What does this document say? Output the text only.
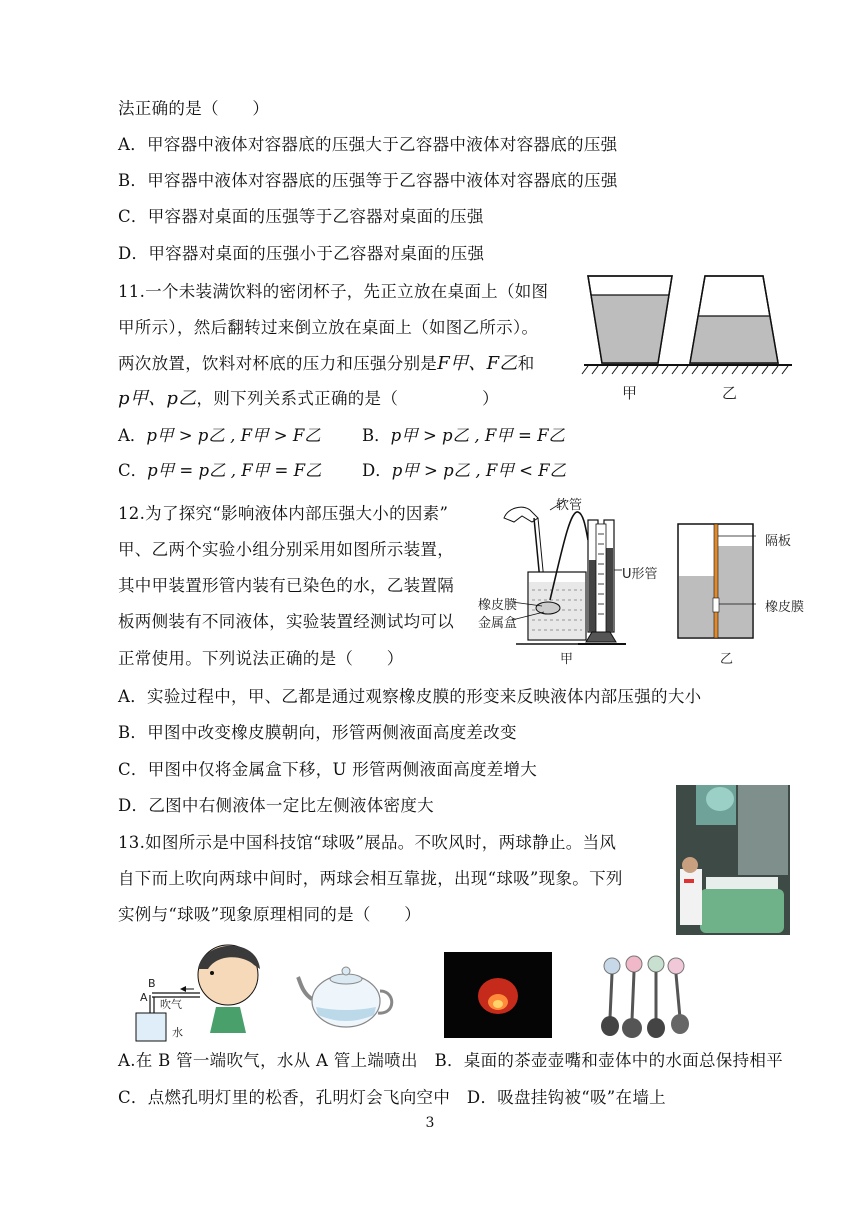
法正确的是（　　）
A．甲容器中液体对容器底的压强大于乙容器中液体对容器底的压强
B．甲容器中液体对容器底的压强等于乙容器中液体对容器底的压强
C．甲容器对桌面的压强等于乙容器对桌面的压强
D．甲容器对桌面的压强小于乙容器对桌面的压强
11.一个未装满饮料的密闭杯子，先正立放在桌面上（如图
甲所示），然后翻转过来倒立放在桌面上（如图乙所示）。
两次放置，饮料对杯底的压力和压强分别是F甲、F乙和
p甲、p乙，则下列关系式正确的是（　　　　　）
A．p甲 > p乙 , F甲 > F乙 B．p甲 > p乙 , F甲 = F乙
C．p甲 = p乙 , F甲 = F乙 D．p甲 > p乙 , F甲 < F乙
甲	乙
12.为了探究“影响液体内部压强大小的因素”
甲、乙两个实验小组分别采用如图所示装置，
其中甲装置形管内装有已染色的水，乙装置隔
板两侧装有不同液体，实验装置经测试均可以
正常使用。下列说法正确的是（　　）
软管
U形管
橡皮膜
金属盒
甲
隔板
橡皮膜
乙
A．实验过程中，甲、乙都是通过观察橡皮膜的形变来反映液体内部压强的大小
B．甲图中改变橡皮膜朝向，形管两侧液面高度差改变
C．甲图中仅将金属盒下移，U 形管两侧液面高度差增大
D．乙图中右侧液体一定比左侧液体密度大
13.如图所示是中国科技馆“球吸”展品。不吹风时，两球静止。当风
自下而上吹向两球中间时，两球会相互靠拢，出现“球吸”现象。下列
实例与“球吸”现象原理相同的是（　　）
B
A
吹气
水
A.在 B 管一端吹气，水从 A 管上端喷出　B．桌面的茶壶壶嘴和壶体中的水面总保持相平
C．点燃孔明灯里的松香，孔明灯会飞向空中　D．吸盘挂钩被“吸”在墙上
3
